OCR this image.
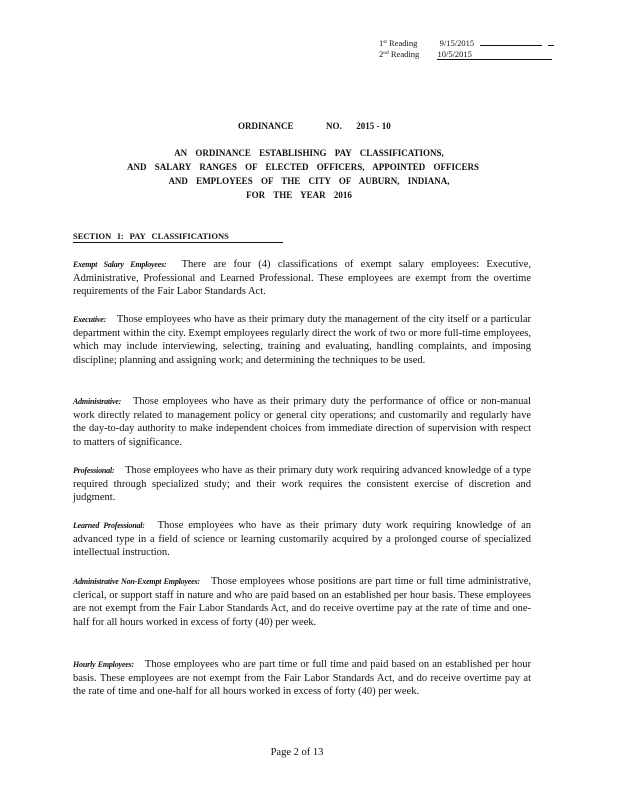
1st Reading	9/15/2015
2nd Reading 10/5/2015
ORDINANCE	NO. 2015 - 10
AN ORDINANCE ESTABLISHING PAY CLASSIFICATIONS,
AND SALARY RANGES OF ELECTED OFFICERS, APPOINTED OFFICERS
AND EMPLOYEES OF THE CITY OF AUBURN, INDIANA,
FOR THE YEAR 2016
SECTION I: PAY CLASSIFICATIONS
Exempt Salary Employees: There are four (4) classifications of exempt salary employees: Executive, Administrative, Professional and Learned Professional. These employees are exempt from the overtime requirements of the Fair Labor Standards Act.
Executive: Those employees who have as their primary duty the management of the city itself or a particular department within the city. Exempt employees regularly direct the work of two or more full-time employees, which may include interviewing, selecting, training and evaluating, handling complaints, and imposing discipline; planning and assigning work; and determining the techniques to be used.
Administrative: Those employees who have as their primary duty the performance of office or non-manual work directly related to management policy or general city operations; and customarily and regularly have the day-to-day authority to make independent choices from immediate direction of supervision with respect to matters of significance.
Professional: Those employees who have as their primary duty work requiring advanced knowledge of a type required through specialized study; and their work requires the consistent exercise of discretion and judgment.
Learned Professional: Those employees who have as their primary duty work requiring knowledge of an advanced type in a field of science or learning customarily acquired by a prolonged course of specialized intellectual instruction.
Administrative Non-Exempt Employees: Those employees whose positions are part time or full time administrative, clerical, or support staff in nature and who are paid based on an established per hour basis. These employees are not exempt from the Fair Labor Standards Act, and do receive overtime pay at the rate of time and one-half for all hours worked in excess of forty (40) per week.
Hourly Employees: Those employees who are part time or full time and paid based on an established per hour basis. These employees are not exempt from the Fair Labor Standards Act, and do receive overtime pay at the rate of time and one-half for all hours worked in excess of forty (40) per week.
Page 2 of 13
